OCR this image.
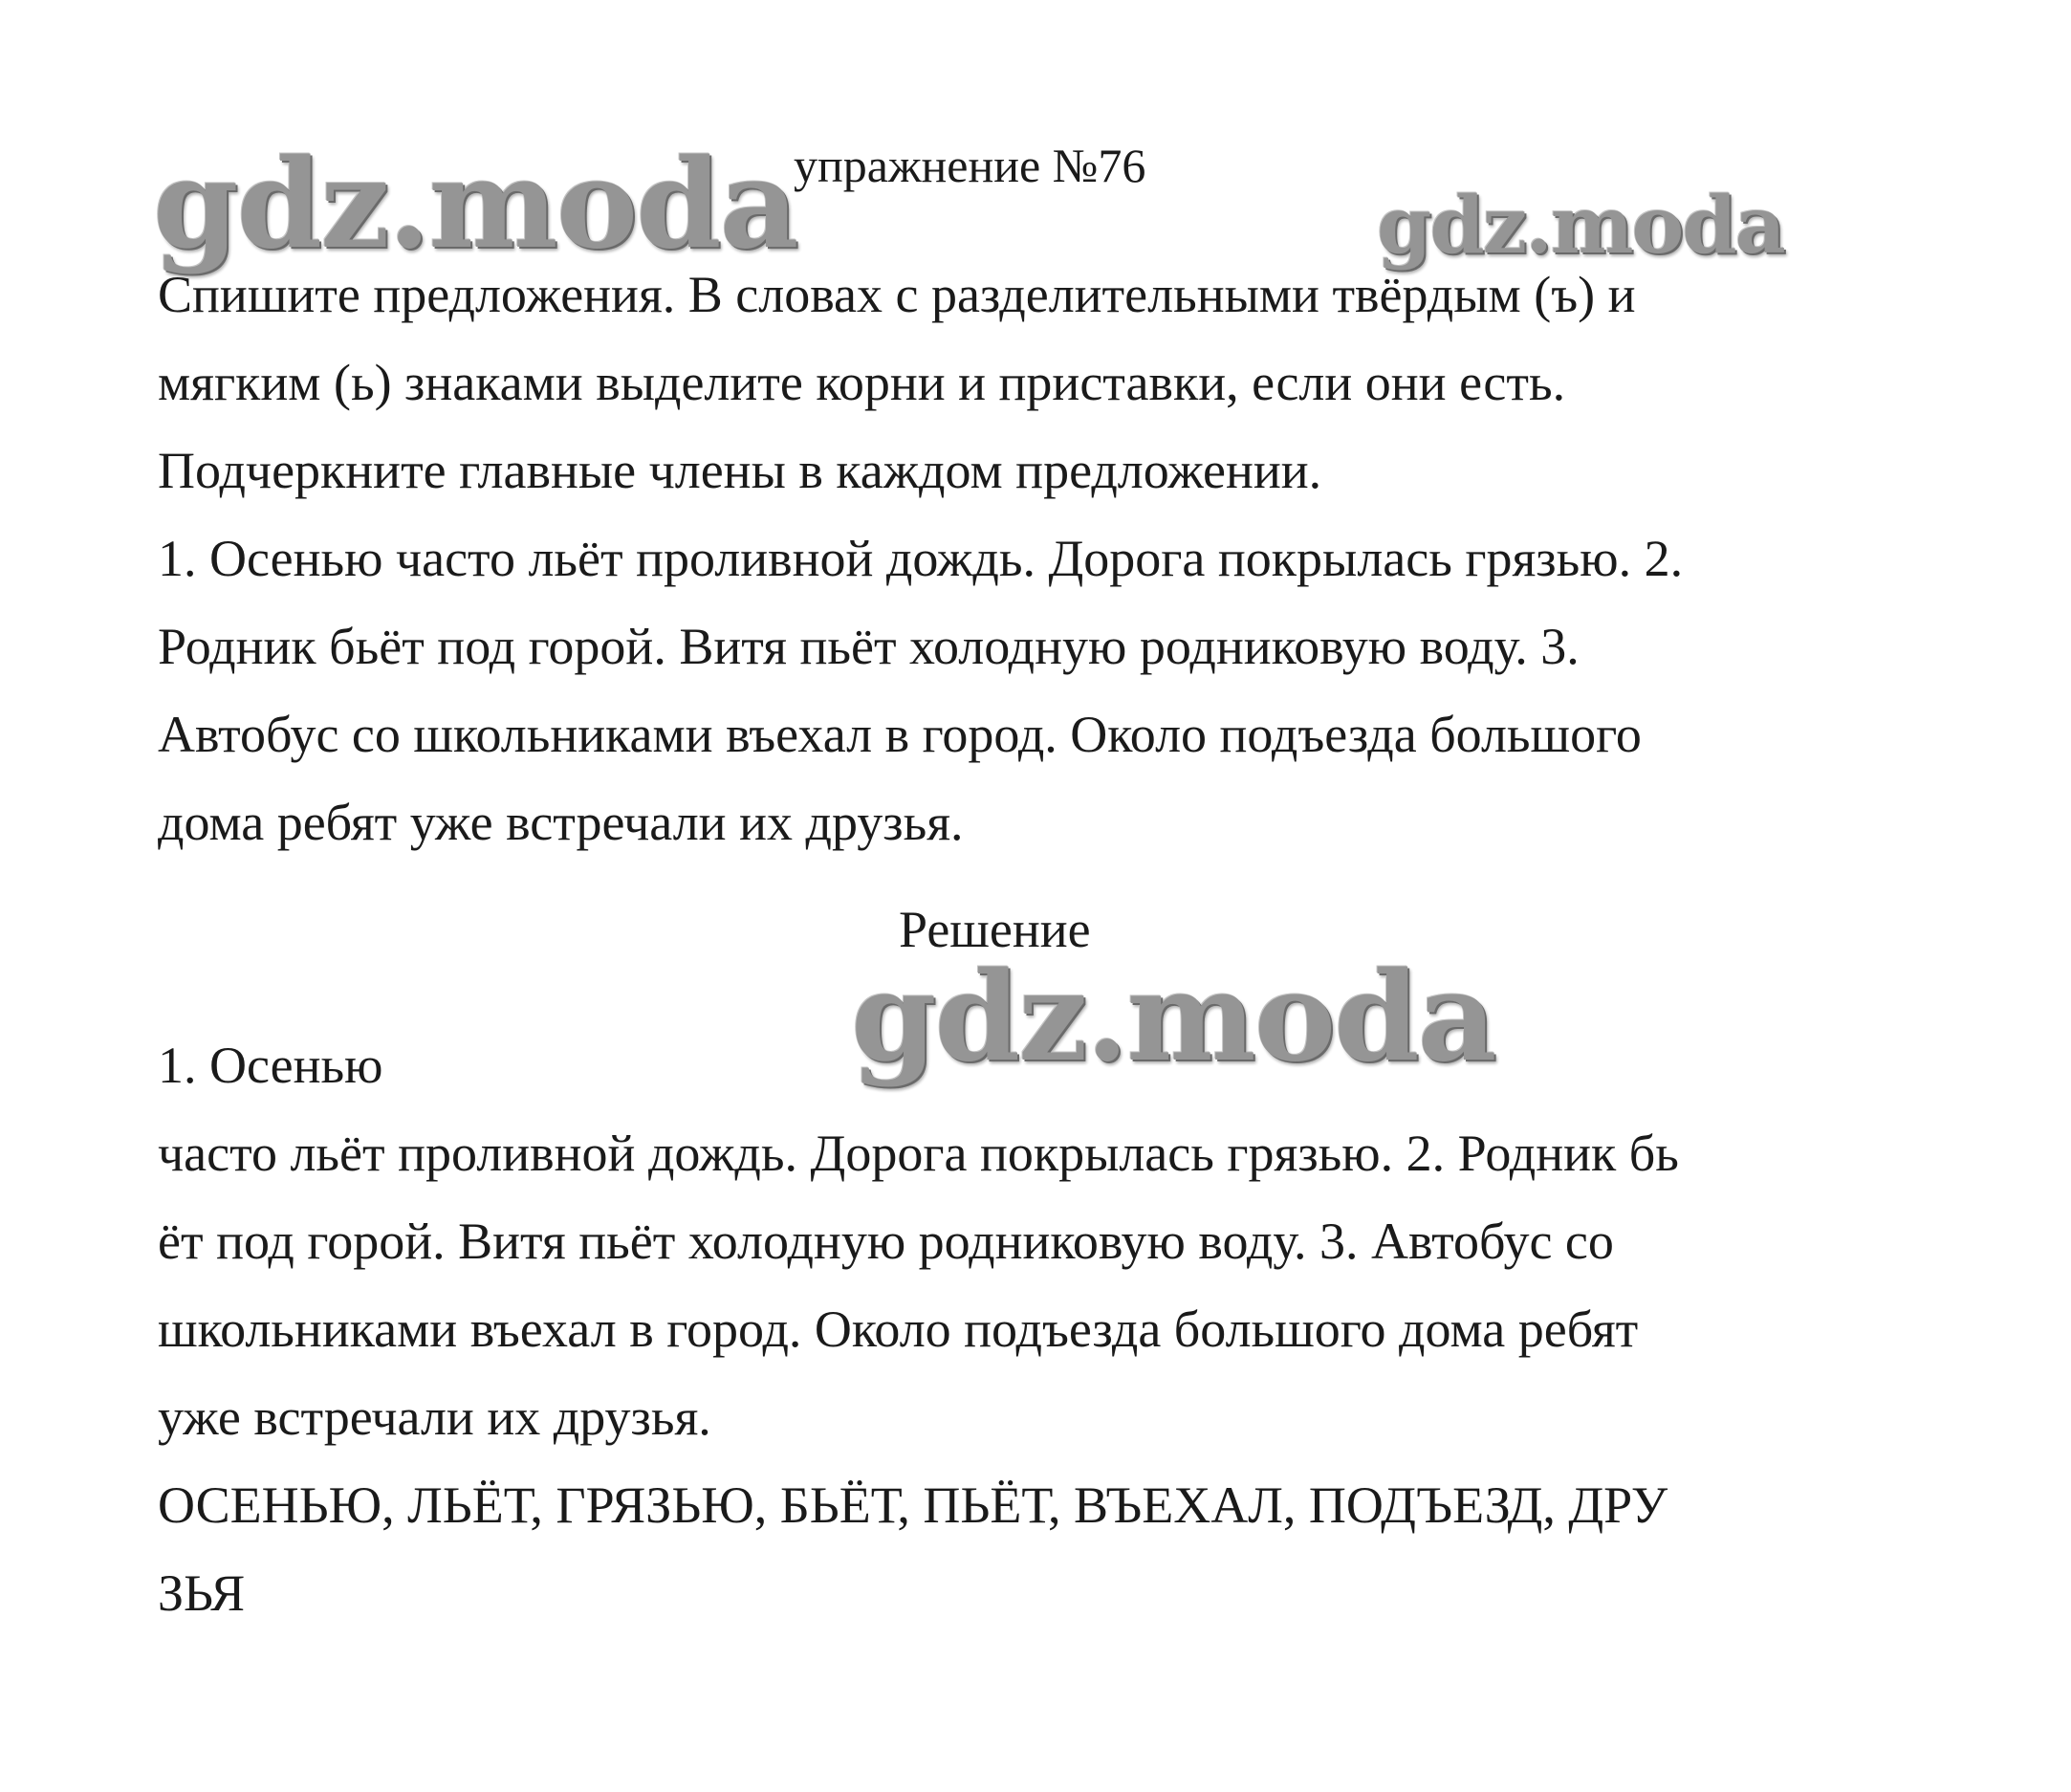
gdz.moda
упражнение №76
gdz.moda
Спишите предложения. В словах с разделительными твёрдым (ъ) и
мягким (ь) знаками выделите корни и приставки, если они есть.
Подчеркните главные члены в каждом предложении.
1. Осенью часто льёт проливной дождь. Дорога покрылась грязью. 2.
Родник бьёт под горой. Витя пьёт холодную родниковую воду. 3.
Автобус со школьниками въехал в город. Около подъезда большого
дома ребят уже встречали их друзья.
Решение
gdz.moda
1. Осенью
часто льёт проливной дождь. Дорога покрылась грязью. 2. Родник бь
ёт под горой. Витя пьёт холодную родниковую воду. 3. Автобус со
школьниками въехал в город. Около подъезда большого дома ребят
уже встречали их друзья.
ОСЕНЬЮ, ЛЬЁТ, ГРЯЗЬЮ, БЬЁТ, ПЬЁТ, ВЪЕХАЛ, ПОДЪЕЗД, ДРУ
ЗЬЯ
